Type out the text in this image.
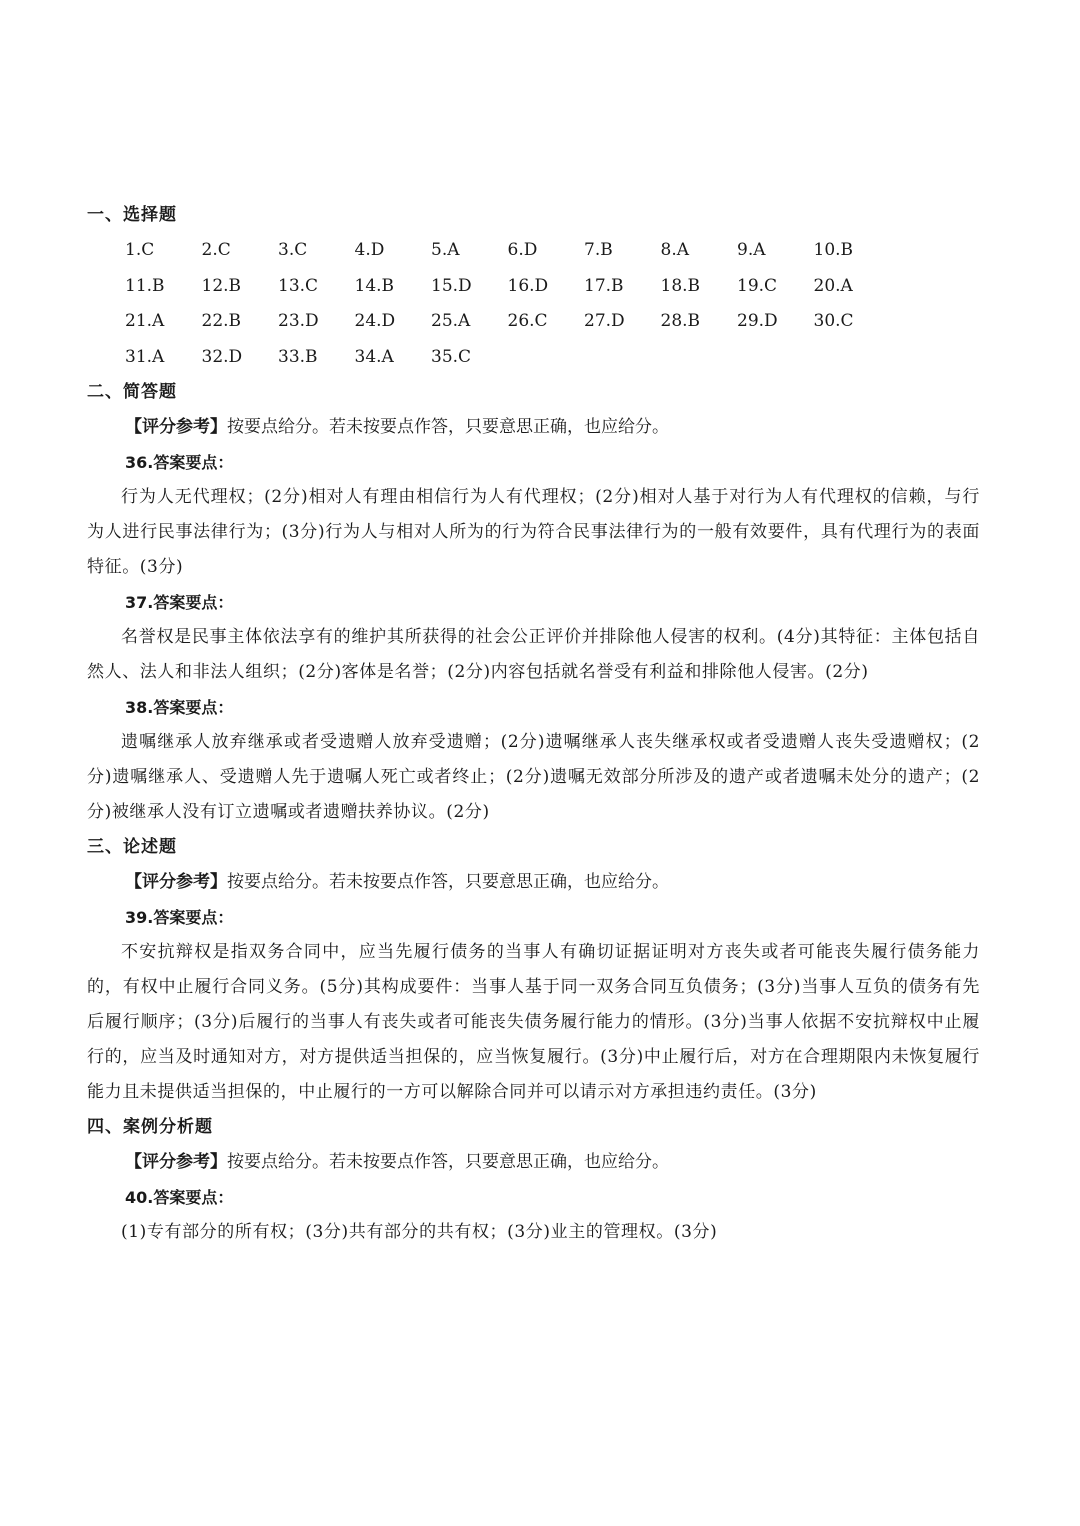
一、选择题
1.C	2.C	3.C	4.D	5.A	6.D	7.B	8.A	9.A	10.B
11.B	12.B	13.C	14.B	15.D	16.D	17.B	18.B	19.C	20.A
21.A	22.B	23.D	24.D	25.A	26.C	27.D	28.B	29.D	30.C
31.A	32.D	33.B	34.A	35.C
二、简答题
【评分参考】按要点给分。若未按要点作答，只要意思正确，也应给分。
36.答案要点：

行为人无代理权；(2分)相对人有理由相信行为人有代理权；(2分)相对人基于对行为人有代理权的信赖，与行为人进行民事法律行为；(3分)行为人与相对人所为的行为符合民事法律行为的一般有效要件，具有代理行为的表面特征。(3分)

37.答案要点：

名誉权是民事主体依法享有的维护其所获得的社会公正评价并排除他人侵害的权利。(4分)其特征：主体包括自然人、法人和非法人组织；(2分)客体是名誉；(2分)内容包括就名誉受有利益和排除他人侵害。(2分)

38.答案要点：

遗嘱继承人放弃继承或者受遗赠人放弃受遗赠；(2分)遗嘱继承人丧失继承权或者受遗赠人丧失受遗赠权；(2分)遗嘱继承人、受遗赠人先于遗嘱人死亡或者终止；(2分)遗嘱无效部分所涉及的遗产或者遗嘱未处分的遗产；(2分)被继承人没有订立遗嘱或者遗赠扶养协议。(2分)

三、论述题
【评分参考】按要点给分。若未按要点作答，只要意思正确，也应给分。
39.答案要点：

不安抗辩权是指双务合同中，应当先履行债务的当事人有确切证据证明对方丧失或者可能丧失履行债务能力的，有权中止履行合同义务。(5分)其构成要件：当事人基于同一双务合同互负债务；(3分)当事人互负的债务有先后履行顺序；(3分)后履行的当事人有丧失或者可能丧失债务履行能力的情形。(3分)当事人依据不安抗辩权中止履行的，应当及时通知对方，对方提供适当担保的，应当恢复履行。(3分)中止履行后，对方在合理期限内未恢复履行能力且未提供适当担保的，中止履行的一方可以解除合同并可以请示对方承担违约责任。(3分)

四、案例分析题
【评分参考】按要点给分。若未按要点作答，只要意思正确，也应给分。
40.答案要点：

(1)专有部分的所有权；(3分)共有部分的共有权；(3分)业主的管理权。(3分)
